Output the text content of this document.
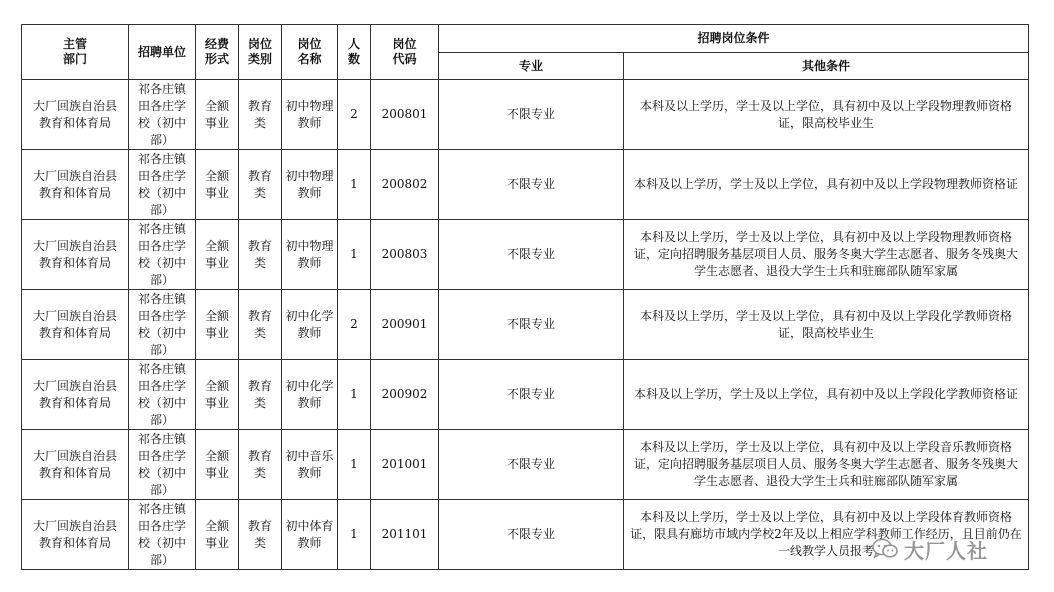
主管部门	招聘单位	经费形式	岗位类别	岗位名称	人数	岗位代码	招聘岗位条件	
							专业	其他条件

大厂回族自治县教育和体育局	祁各庄镇田各庄学校（初中部）	全额事业	教育类	初中物理教师	2	200801	不限专业	本科及以上学历，学士及以上学位，具有初中及以上学段物理教师资格证，限高校毕业生

大厂回族自治县教育和体育局	祁各庄镇田各庄学校（初中部）	全额事业	教育类	初中物理教师	1	200802	不限专业	本科及以上学历，学士及以上学位，具有初中及以上学段物理教师资格证

大厂回族自治县教育和体育局	祁各庄镇田各庄学校（初中部）	全额事业	教育类	初中物理教师	1	200803	不限专业	本科及以上学历，学士及以上学位，具有初中及以上学段物理教师资格证，定向招聘服务基层项目人员、服务冬奥大学生志愿者、服务冬残奥大学生志愿者、退役大学生士兵和驻廊部队随军家属

大厂回族自治县教育和体育局	祁各庄镇田各庄学校（初中部）	全额事业	教育类	初中化学教师	2	200901	不限专业	本科及以上学历，学士及以上学位，具有初中及以上学段化学教师资格证，限高校毕业生

大厂回族自治县教育和体育局	祁各庄镇田各庄学校（初中部）	全额事业	教育类	初中化学教师	1	200902	不限专业	本科及以上学历，学士及以上学位，具有初中及以上学段化学教师资格证

大厂回族自治县教育和体育局	祁各庄镇田各庄学校（初中部）	全额事业	教育类	初中音乐教师	1	201001	不限专业	本科及以上学历，学士及以上学位，具有初中及以上学段音乐教师资格证，定向招聘服务基层项目人员、服务冬奥大学生志愿者、服务冬残奥大学生志愿者、退役大学生士兵和驻廊部队随军家属

大厂回族自治县教育和体育局	祁各庄镇田各庄学校（初中部）	全额事业	教育类	初中体育教师	1	201101	不限专业	本科及以上学历，学士及以上学位，具有初中及以上学段体育教师资格证，限具有廊坊市域内学校2年及以上相应学科教师工作经历，且目前仍在一线教学人员报考	大厂人社
